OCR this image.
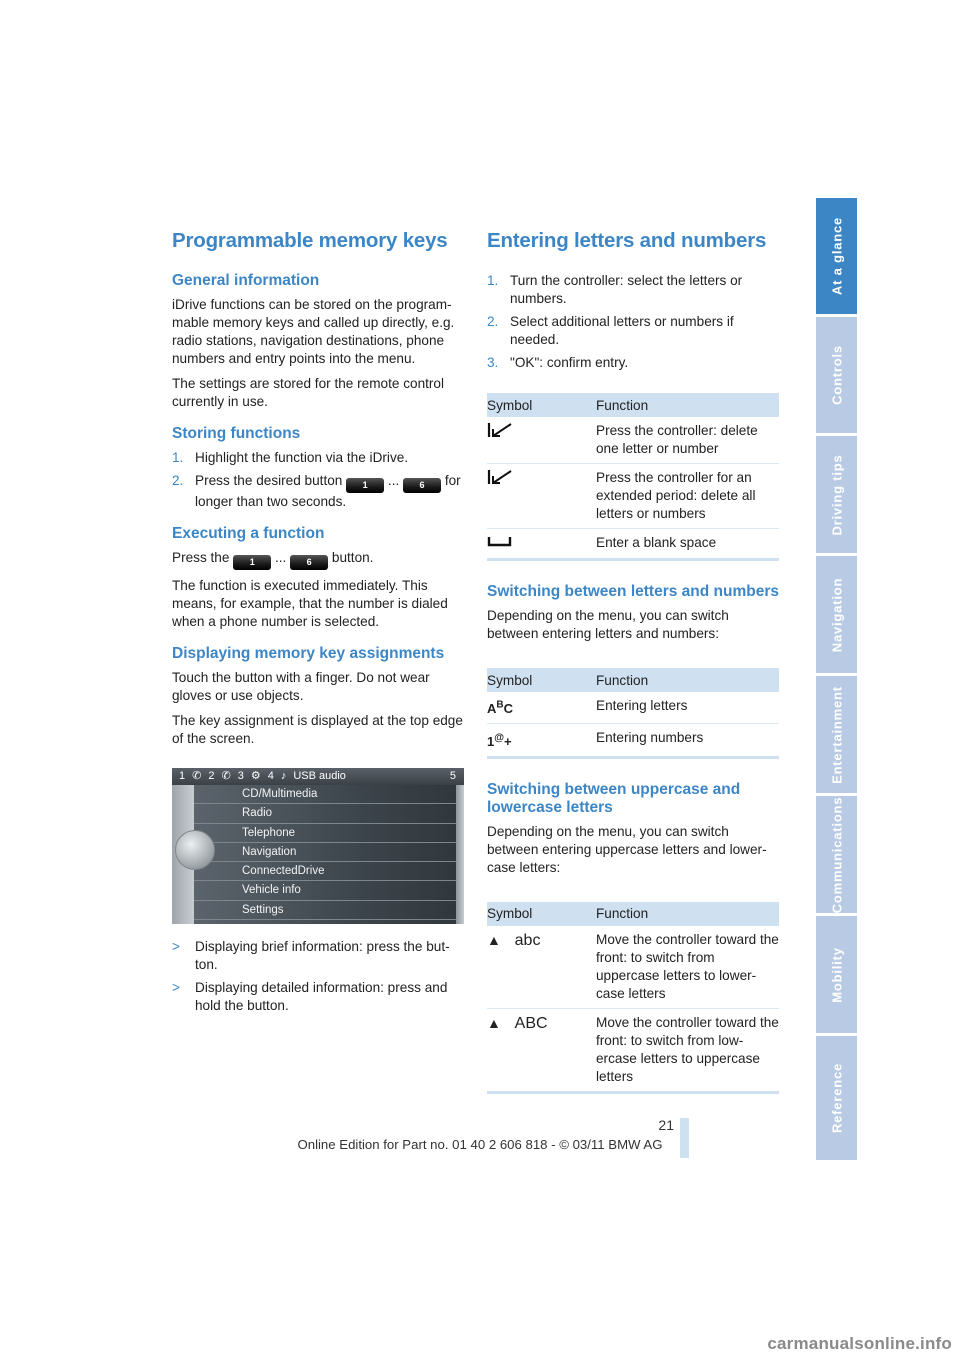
Programmable memory keys
General information

iDrive functions can be stored on the programmable memory keys and called up directly, e.g. radio stations, navigation destinations, phone numbers and entry points into the menu.

The settings are stored for the remote control currently in use.

Storing functions
1. Highlight the function via the iDrive.
2. Press the desired button 1 ... 6 for longer than two seconds.
Executing a function

Press the 1 ... 6 button.

The function is executed immediately. This means, for example, that the number is dialed when a phone number is selected.

Displaying memory key assignments

Touch the button with a finger. Do not wear gloves or use objects.

The key assignment is displayed at the top edge of the screen.

1 ✆ 2 ✆ 3 ⚙ 4 ♪ USB audio	5
CD/Multimedia
Radio
Telephone
Navigation
ConnectedDrive
Vehicle info
Settings
>	Displaying brief information: press the button.
>	Displaying detailed information: press and hold the button.
Entering letters and numbers
1. Turn the controller: select the letters or numbers.
2. Select additional letters or numbers if needed.
3. "OK": confirm entry.
Symbol	Function
	Press the controller: delete one letter or number
	Press the controller for an extended period: delete all letters or numbers
	Enter a blank space
Switching between letters and numbers

Depending on the menu, you can switch between entering letters and numbers:

Symbol	Function
$A^BC$	Entering letters
1@+	Entering numbers
Switching between uppercase and lowercase letters

Depending on the menu, you can switch between entering uppercase letters and lowercase letters:

Symbol	Function
▲ abc	Move the controller toward the front: to switch from uppercase letters to lowercase letters
▲ ABC	Move the controller toward the front: to switch from lowercase letters to uppercase letters
At a glance
Controls
Driving tips
Navigation
Entertainment
Communications
Mobility
Reference
21
Online Edition for Part no. 01 40 2 606 818 - © 03/11 BMW AG
carmanualsonline.info
